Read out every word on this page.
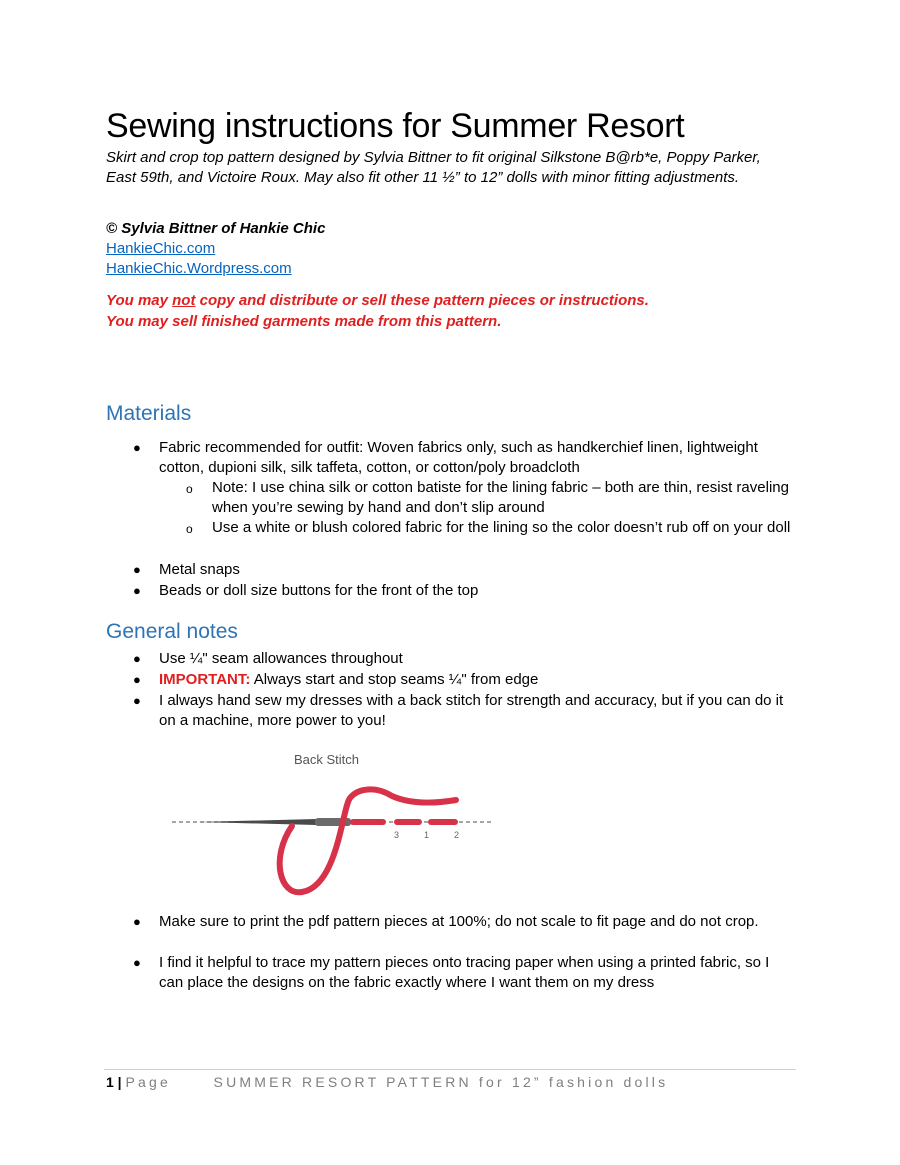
Sewing instructions for Summer Resort
Skirt and crop top pattern designed by Sylvia Bittner to fit original Silkstone B@rb*e, Poppy Parker, East 59th, and Victoire Roux. May also fit other 11 ½” to 12” dolls with minor fitting adjustments.
© Sylvia Bittner of Hankie Chic
HankieChic.com
HankieChic.Wordpress.com
You may not copy and distribute or sell these pattern pieces or instructions.
You may sell finished garments made from this pattern.
Materials
● Fabric recommended for outfit: Woven fabrics only, such as handkerchief linen, lightweight cotton, dupioni silk, silk taffeta, cotton, or cotton/poly broadcloth
o Note: I use china silk or cotton batiste for the lining fabric – both are thin, resist raveling when you’re sewing by hand and don’t slip around
o Use a white or blush colored fabric for the lining so the color doesn’t rub off on your doll
● Metal snaps
● Beads or doll size buttons for the front of the top
General notes
● Use ¼" seam allowances throughout
● IMPORTANT: Always start and stop seams ¼" from edge
● I always hand sew my dresses with a back stitch for strength and accuracy, but if you can do it on a machine, more power to you!
Back Stitch
3	1	2
● Make sure to print the pdf pattern pieces at 100%; do not scale to fit page and do not crop.
● I find it helpful to trace my pattern pieces onto tracing paper when using a printed fabric, so I can place the designs on the fabric exactly where I want them on my dress
1 | Page	SUMMER RESORT PATTERN for 12” fashion dolls
